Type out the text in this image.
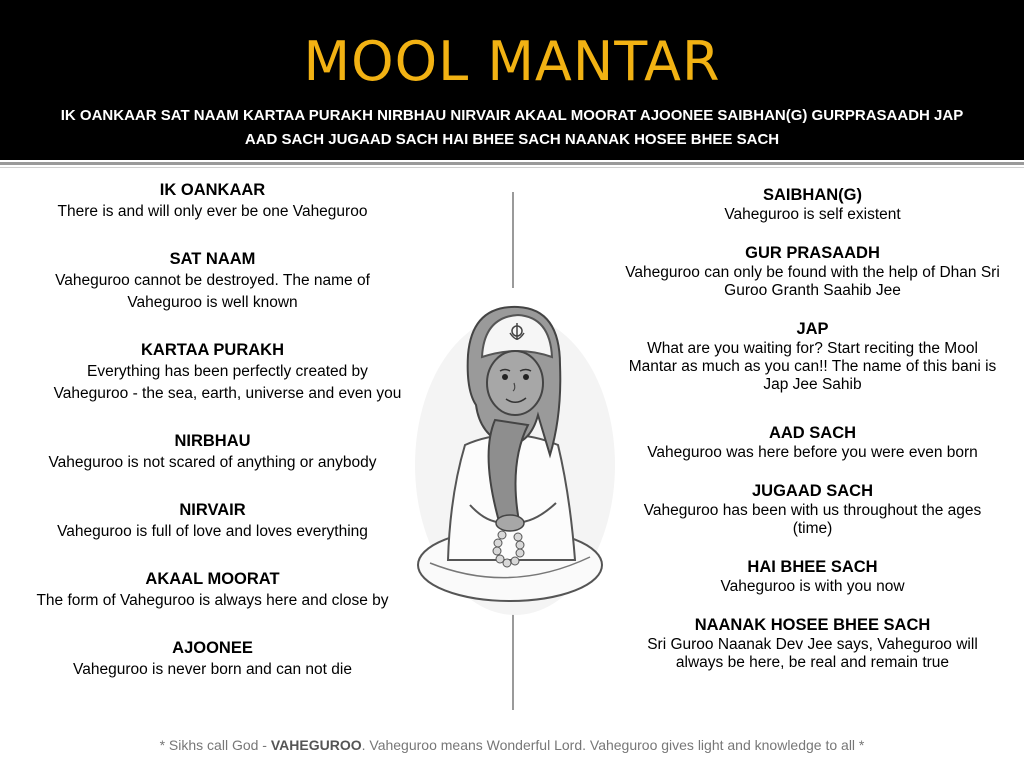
MOOL MANTAR
IK OANKAAR SAT NAAM KARTAA PURAKH NIRBHAU NIRVAIR AKAAL MOORAT AJOONEE SAIBHAN(G) GURPRASAADH JAP
AAD SACH JUGAAD SACH HAI BHEE SACH NAANAK HOSEE BHEE SACH
IK OANKAAR

There is and will only ever be one Vaheguroo

SAT NAAM

Vaheguroo cannot be destroyed. The name of Vaheguroo is well known

KARTAA PURAKH

Everything has been perfectly created by Vaheguroo - the sea, earth, universe and even you

NIRBHAU

Vaheguroo is not scared of anything or anybody

NIRVAIR

Vaheguroo is full of love and loves everything

AKAAL MOORAT

The form of Vaheguroo is always here and close by

AJOONEE

Vaheguroo is never born and can not die

SAIBHAN(G)

Vaheguroo is self existent

GUR PRASAADH

Vaheguroo can only be found with the help of Dhan Sri Guroo Granth Saahib Jee

JAP

What are you waiting for? Start reciting the Mool Mantar as much as you can!! The name of this bani is Jap Jee Sahib

AAD SACH

Vaheguroo was here before you were even born

JUGAAD SACH

Vaheguroo has been with us throughout the ages (time)

HAI BHEE SACH

Vaheguroo is with you now

NAANAK HOSEE BHEE SACH

Sri Guroo Naanak Dev Jee says, Vaheguroo will always be here, be real and remain true

* Sikhs call God - VAHEGUROO. Vaheguroo means Wonderful Lord. Vaheguroo gives light and knowledge to all *
